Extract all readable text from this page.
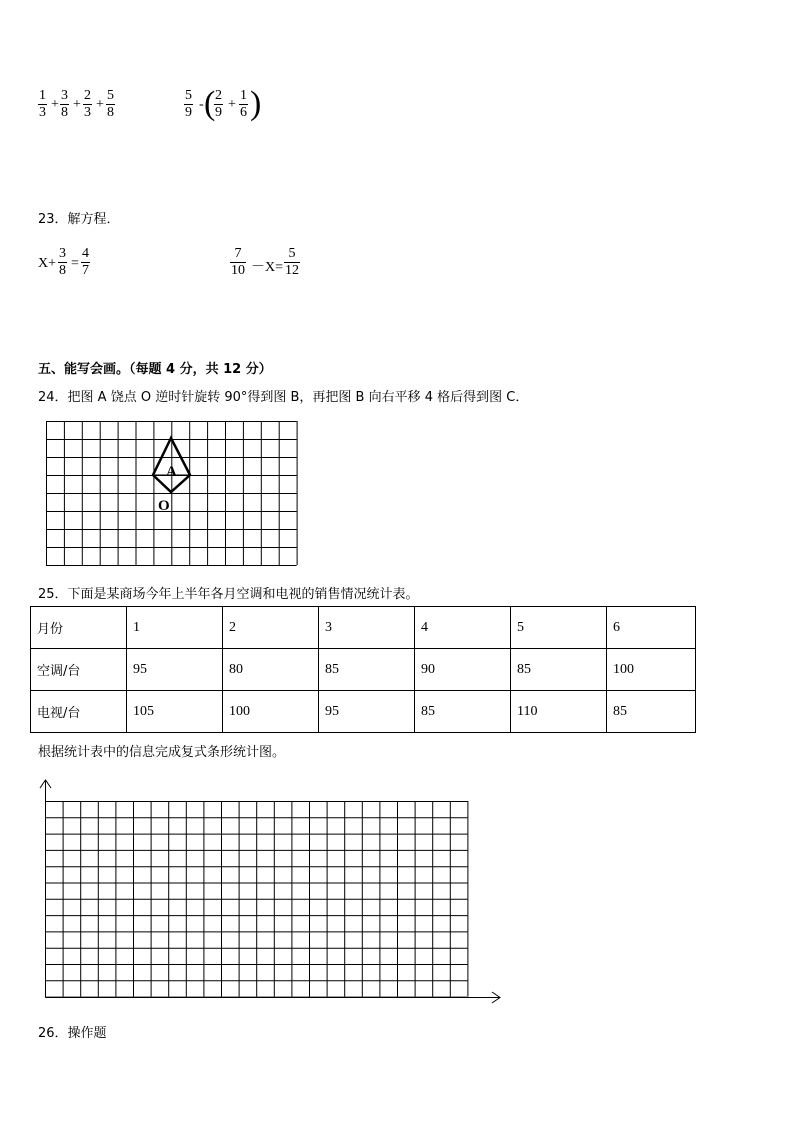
$\frac{1}{3} + \frac{3}{8} + \frac{2}{3} + \frac{5}{8}$	$\frac{5}{9}$ - (
$\frac{2}{9} + \frac{1}{6}$ )
23．解方程．
$X+ \frac{3}{8} = \frac{4}{7}$	$\frac{7}{10} -X= \frac{5}{12}$
五、能写会画。（每题 4 分，共 12 分）
24．把图 A 饶点 O 逆时针旋转 90°得到图 B，再把图 B 向右平移 4 格后得到图 C．
A
O
25．下面是某商场今年上半年各月空调和电视的销售情况统计表。
月份	1	2	3	4	5	6
空调/台	95	80	85	90	85	100
电视/台	105	100	95	85	110	85
根据统计表中的信息完成复式条形统计图。
26．操作题
